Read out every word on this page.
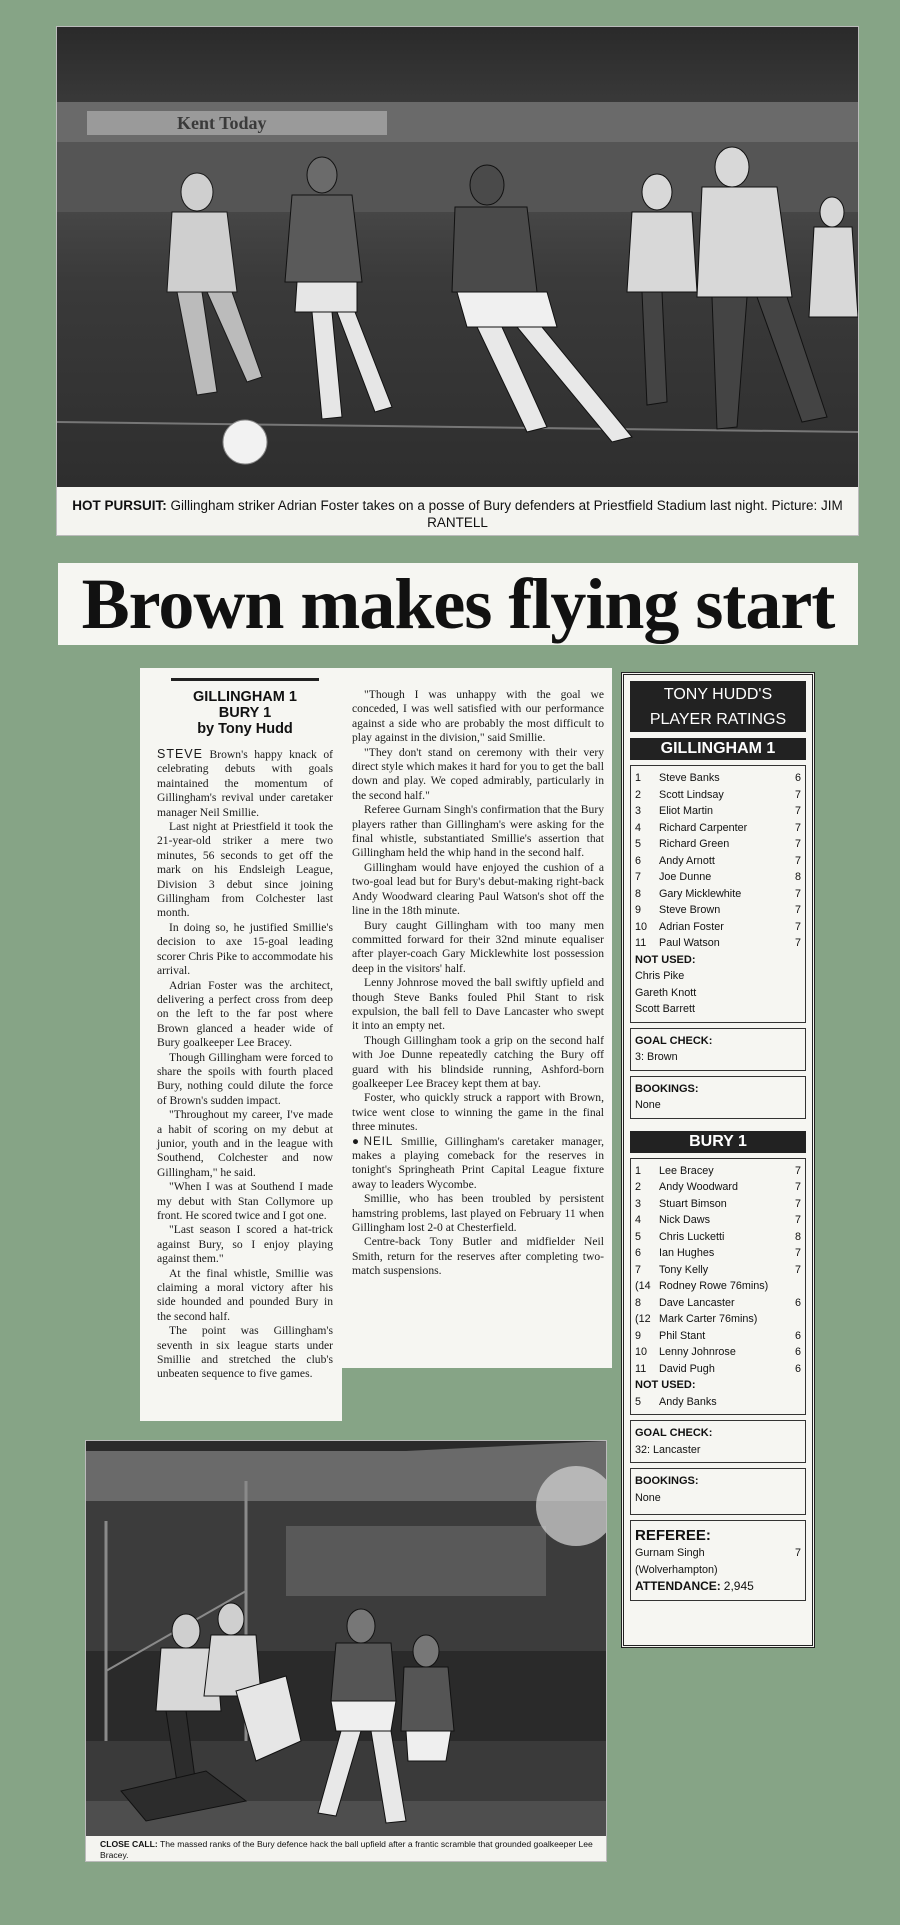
Kent Today
HOT PURSUIT: Gillingham striker Adrian Foster takes on a posse of Bury defenders at Priestfield Stadium last night. Picture: JIM RANTELL
Brown makes flying start
GILLINGHAM 1
BURY 1
by Tony Hudd

STEVE Brown's happy knack of celebrating debuts with goals maintained the momentum of Gillingham's revival under caretaker manager Neil Smillie.

Last night at Priestfield it took the 21-year-old striker a mere two minutes, 56 seconds to get off the mark on his Endsleigh League, Division 3 debut since joining Gillingham from Colchester last month.

In doing so, he justified Smillie's decision to axe 15-goal leading scorer Chris Pike to accommodate his arrival.

Adrian Foster was the architect, delivering a perfect cross from deep on the left to the far post where Brown glanced a header wide of Bury goalkeeper Lee Bracey.

Though Gillingham were forced to share the spoils with fourth placed Bury, nothing could dilute the force of Brown's sudden impact.

"Throughout my career, I've made a habit of scoring on my debut at junior, youth and in the league with Southend, Colchester and now Gillingham," he said.

"When I was at Southend I made my debut with Stan Collymore up front. He scored twice and I got one.

"Last season I scored a hat-trick against Bury, so I enjoy playing against them."

At the final whistle, Smillie was claiming a moral victory after his side hounded and pounded Bury in the second half.

The point was Gillingham's seventh in six league starts under Smillie and stretched the club's unbeaten sequence to five games.

"Though I was unhappy with the goal we conceded, I was well satisfied with our performance against a side who are probably the most difficult to play against in the division," said Smillie.

"They don't stand on ceremony with their very direct style which makes it hard for you to get the ball down and play. We coped admirably, particularly in the second half."

Referee Gurnam Singh's confirmation that the Bury players rather than Gillingham's were asking for the final whistle, substantiated Smillie's assertion that Gillingham held the whip hand in the second half.

Gillingham would have enjoyed the cushion of a two-goal lead but for Bury's debut-making right-back Andy Woodward clearing Paul Watson's shot off the line in the 18th minute.

Bury caught Gillingham with too many men committed forward for their 32nd minute equaliser after player-coach Gary Micklewhite lost possession deep in the visitors' half.

Lenny Johnrose moved the ball swiftly upfield and though Steve Banks fouled Phil Stant to risk expulsion, the ball fell to Dave Lancaster who swept it into an empty net.

Though Gillingham took a grip on the second half with Joe Dunne repeatedly catching the Bury off guard with his blindside running, Ashford-born goalkeeper Lee Bracey kept them at bay.

Foster, who quickly struck a rapport with Brown, twice went close to winning the game in the final three minutes.

●NEIL Smillie, Gillingham's caretaker manager, makes a playing comeback for the reserves in tonight's Springheath Print Capital League fixture away to leaders Wycombe.

Smillie, who has been troubled by persistent hamstring problems, last played on February 11 when Gillingham lost 2-0 at Chesterfield.

Centre-back Tony Butler and midfielder Neil Smith, return for the reserves after completing two-match suspensions.

TONY HUDD'S
PLAYER RATINGS
GILLINGHAM 1
1	Steve Banks	6
2	Scott Lindsay	7
3	Eliot Martin	7
4	Richard Carpenter	7
5	Richard Green	7
6	Andy Arnott	7
7	Joe Dunne	8
8	Gary Micklewhite	7
9	Steve Brown	7
10	Adrian Foster	7
11	Paul Watson	7
NOT USED:
Chris Pike
Gareth Knott
Scott Barrett
GOAL CHECK:
3: Brown
BOOKINGS:
None
BURY 1
1	Lee Bracey	7
2	Andy Woodward	7
3	Stuart Bimson	7
4	Nick Daws	7
5	Chris Lucketti	8
6	Ian Hughes	7
7	Tony Kelly	7
(14 Rodney Rowe 76mins)
8	Dave Lancaster	6
(12 Mark Carter 76mins)
9	Phil Stant	6
10	Lenny Johnrose	6
11	David Pugh	6
NOT USED:
5	Andy Banks
GOAL CHECK:
32: Lancaster
BOOKINGS:
None
REFEREE:
Gurnam Singh	7
(Wolverhampton)
ATTENDANCE: 2,945
CLOSE CALL: The massed ranks of the Bury defence hack the ball upfield after a frantic scramble that grounded goalkeeper Lee Bracey.
